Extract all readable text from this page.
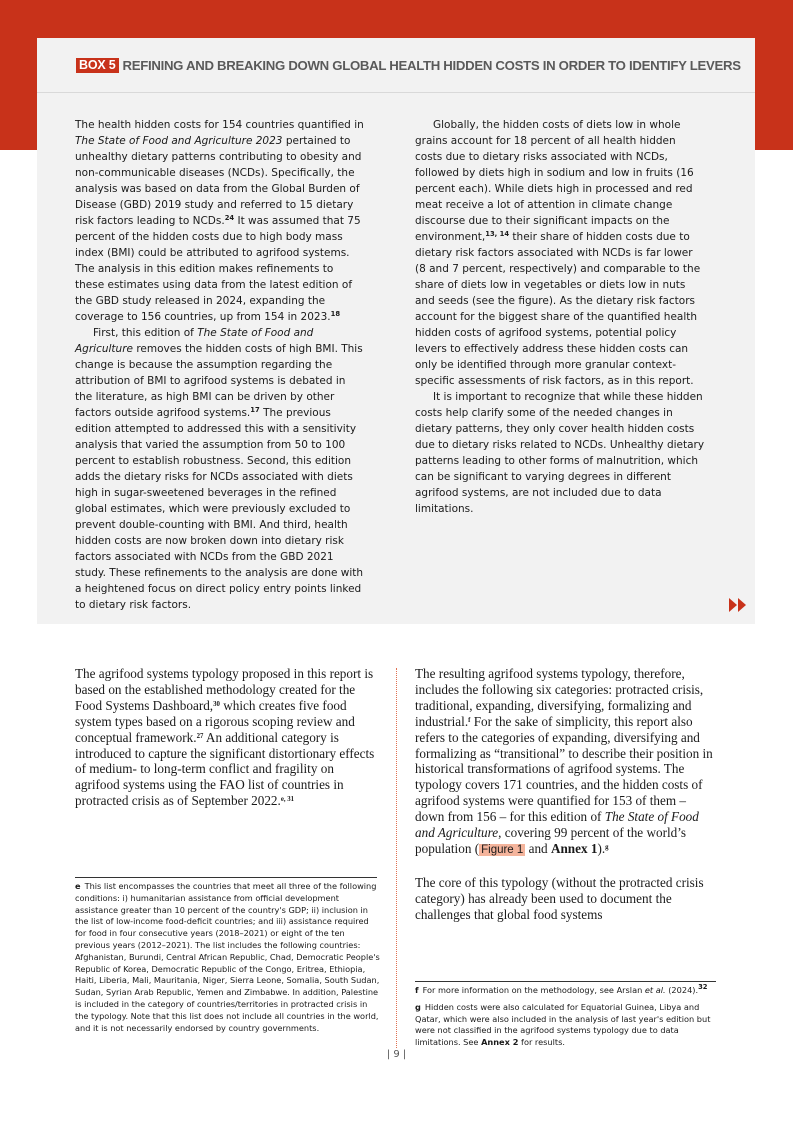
BOX 5 REFINING AND BREAKING DOWN GLOBAL HEALTH HIDDEN COSTS IN ORDER TO IDENTIFY LEVERS

The health hidden costs for 154 countries quantified in The State of Food and Agriculture 2023 pertained to unhealthy dietary patterns contributing to obesity and non-communicable diseases (NCDs). Specifically, the analysis was based on data from the Global Burden of Disease (GBD) 2019 study and referred to 15 dietary risk factors leading to NCDs.$^{24}$ It was assumed that 75 percent of the hidden costs due to high body mass index (BMI) could be attributed to agrifood systems. The analysis in this edition makes refinements to these estimates using data from the latest edition of the GBD study released in 2024, expanding the coverage to 156 countries, up from 154 in 2023.18

First, this edition of The State of Food and Agriculture removes the hidden costs of high BMI. This change is because the assumption regarding the attribution of BMI to agrifood systems is debated in the literature, as high BMI can be driven by other factors outside agrifood systems.$^{17}$ The previous edition attempted to addressed this with a sensitivity analysis that varied the assumption from 50 to 100 percent to establish robustness. Second, this edition adds the dietary risks for NCDs associated with diets high in sugar-sweetened beverages in the refined global estimates, which were previously excluded to prevent double-counting with BMI. And third, health hidden costs are now broken down into dietary risk factors associated with NCDs from the GBD 2021 study. These refinements to the analysis are done with a heightened focus on direct policy entry points linked to dietary risk factors.

Globally, the hidden costs of diets low in whole grains account for 18 percent of all health hidden costs due to dietary risks associated with NCDs, followed by diets high in sodium and low in fruits (16 percent each). While diets high in processed and red meat receive a lot of attention in climate change discourse due to their significant impacts on the environment,$^{13, 14}$ their share of hidden costs due to dietary risk factors associated with NCDs is far lower (8 and 7 percent, respectively) and comparable to the share of diets low in vegetables or diets low in nuts and seeds (see the figure). As the dietary risk factors account for the biggest share of the quantified health hidden costs of agrifood systems, potential policy levers to effectively address these hidden costs can only be identified through more granular context-specific assessments of risk factors, as in this report.

It is important to recognize that while these hidden costs help clarify some of the needed changes in dietary patterns, they only cover health hidden costs due to dietary risks related to NCDs. Unhealthy dietary patterns leading to other forms of malnutrition, which can be significant to varying degrees in different agrifood systems, are not included due to data limitations.

The agrifood systems typology proposed in this report is based on the established methodology created for the Food Systems Dashboard,$^{30}$ which creates five food system types based on a rigorous scoping review and conceptual framework.$^{27}$ An additional category is introduced to capture the significant distortionary effects of medium- to long-term conflict and fragility on agrifood systems using the FAO list of countries in protracted crisis as of September 2022.$^{e, 31}$

The resulting agrifood systems typology, therefore, includes the following six categories: protracted crisis, traditional, expanding, diversifying, formalizing and industrial.$^f$ For the sake of simplicity, this report also refers to the categories of expanding, diversifying and formalizing as “transitional” to describe their position in historical transformations of agrifood systems. The typology covers 171 countries, and the hidden costs of agrifood systems were quantified for 153 of them – down from 156 – for this edition of The State of Food and Agriculture, covering 99 percent of the world’s population ( Figure 1 and Annex 1).$^g$

The core of this typology (without the protracted crisis category) has already been used to document the challenges that global food systems

e This list encompasses the countries that meet all three of the following conditions: i) humanitarian assistance from official development assistance greater than 10 percent of the country's GDP; ii) inclusion in the list of low-income food-deficit countries; and iii) assistance required for food in four consecutive years (2018–2021) or eight of the ten previous years (2012–2021). The list includes the following countries: Afghanistan, Burundi, Central African Republic, Chad, Democratic People's Republic of Korea, Democratic Republic of the Congo, Eritrea, Ethiopia, Haiti, Liberia, Mali, Mauritania, Niger, Sierra Leone, Somalia, South Sudan, Sudan, Syrian Arab Republic, Yemen and Zimbabwe. In addition, Palestine is included in the category of countries/territories in protracted crisis in the typology. Note that this list does not include all countries in the world, and it is not necessarily endorsed by country governments.

f For more information on the methodology, see Arslan et al. (2024).$^{32}$

g Hidden costs were also calculated for Equatorial Guinea, Libya and Qatar, which were also included in the analysis of last year's edition but were not classified in the agrifood systems typology due to data limitations. See Annex 2 for results.

| 9 |
